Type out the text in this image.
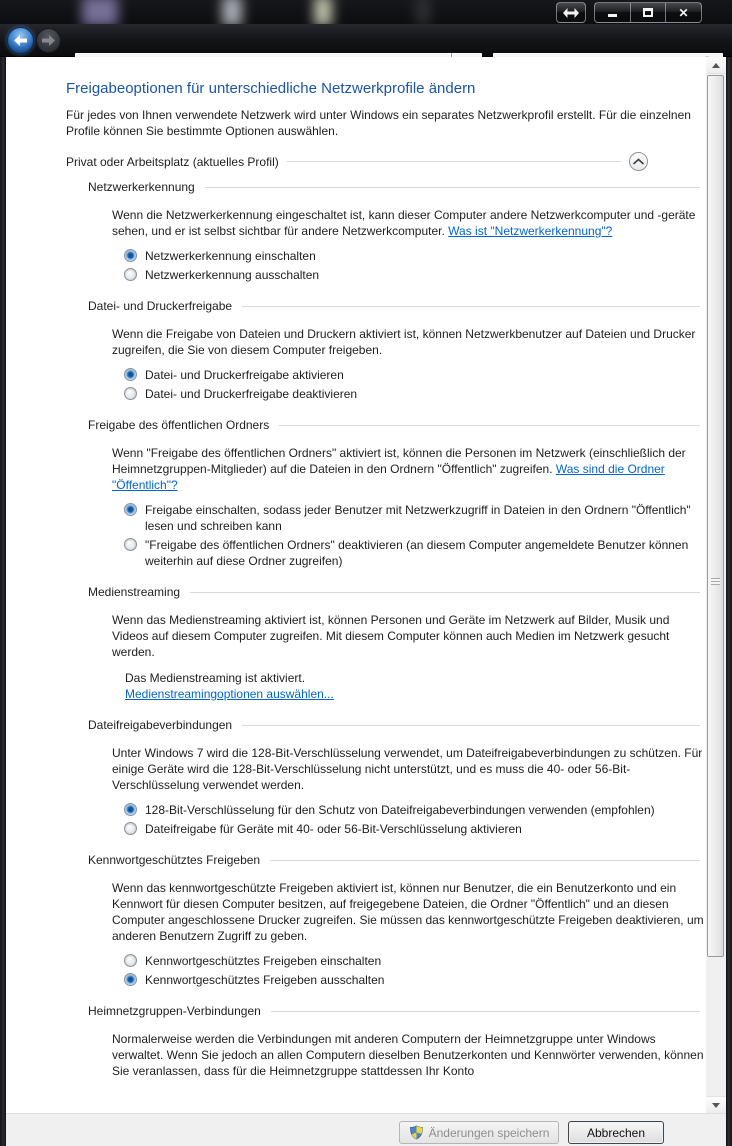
✕
Systemsteuerung durchsuchen
Freigabeoptionen für unterschiedliche Netzwerkprofile ändern
Für jedes von Ihnen verwendete Netzwerk wird unter Windows ein separates Netzwerkprofil erstellt. Für die einzelnen Profile können Sie bestimmte Optionen auswählen.
Privat oder Arbeitsplatz (aktuelles Profil)
Netzwerkerkennung
Wenn die Netzwerkerkennung eingeschaltet ist, kann dieser Computer andere Netzwerkcomputer und -geräte sehen, und er ist selbst sichtbar für andere Netzwerkcomputer. Was ist "Netzwerkerkennung"?
Netzwerkerkennung einschalten
Netzwerkerkennung ausschalten
Datei- und Druckerfreigabe
Wenn die Freigabe von Dateien und Druckern aktiviert ist, können Netzwerkbenutzer auf Dateien und Drucker zugreifen, die Sie von diesem Computer freigeben.
Datei- und Druckerfreigabe aktivieren
Datei- und Druckerfreigabe deaktivieren
Freigabe des öffentlichen Ordners
Wenn "Freigabe des öffentlichen Ordners" aktiviert ist, können die Personen im Netzwerk (einschließlich der Heimnetzgruppen-Mitglieder) auf die Dateien in den Ordnern "Öffentlich" zugreifen. Was sind die Ordner "Öffentlich"?
Freigabe einschalten, sodass jeder Benutzer mit Netzwerkzugriff in Dateien in den Ordnern "Öffentlich" lesen und schreiben kann
"Freigabe des öffentlichen Ordners" deaktivieren (an diesem Computer angemeldete Benutzer können weiterhin auf diese Ordner zugreifen)
Medienstreaming
Wenn das Medienstreaming aktiviert ist, können Personen und Geräte im Netzwerk auf Bilder, Musik und Videos auf diesem Computer zugreifen. Mit diesem Computer können auch Medien im Netzwerk gesucht werden.
Das Medienstreaming ist aktiviert.
Medienstreamingoptionen auswählen...
Dateifreigabeverbindungen
Unter Windows 7 wird die 128-Bit-Verschlüsselung verwendet, um Dateifreigabeverbindungen zu schützen. Für einige Geräte wird die 128-Bit-Verschlüsselung nicht unterstützt, und es muss die 40- oder 56-Bit-Verschlüsselung verwendet werden.
128-Bit-Verschlüsselung für den Schutz von Dateifreigabeverbindungen verwenden (empfohlen)
Dateifreigabe für Geräte mit 40- oder 56-Bit-Verschlüsselung aktivieren
Kennwortgeschütztes Freigeben
Wenn das kennwortgeschützte Freigeben aktiviert ist, können nur Benutzer, die ein Benutzerkonto und ein Kennwort für diesen Computer besitzen, auf freigegebene Dateien, die Ordner "Öffentlich" und an diesen Computer angeschlossene Drucker zugreifen. Sie müssen das kennwortgeschützte Freigeben deaktivieren, um anderen Benutzern Zugriff zu geben.
Kennwortgeschütztes Freigeben einschalten
Kennwortgeschütztes Freigeben ausschalten
Heimnetzgruppen-Verbindungen
Normalerweise werden die Verbindungen mit anderen Computern der Heimnetzgruppe unter Windows verwaltet. Wenn Sie jedoch an allen Computern dieselben Benutzerkonten und Kennwörter verwenden, können Sie veranlassen, dass für die Heimnetzgruppe stattdessen Ihr Konto
Änderungen speichern	Abbrechen
